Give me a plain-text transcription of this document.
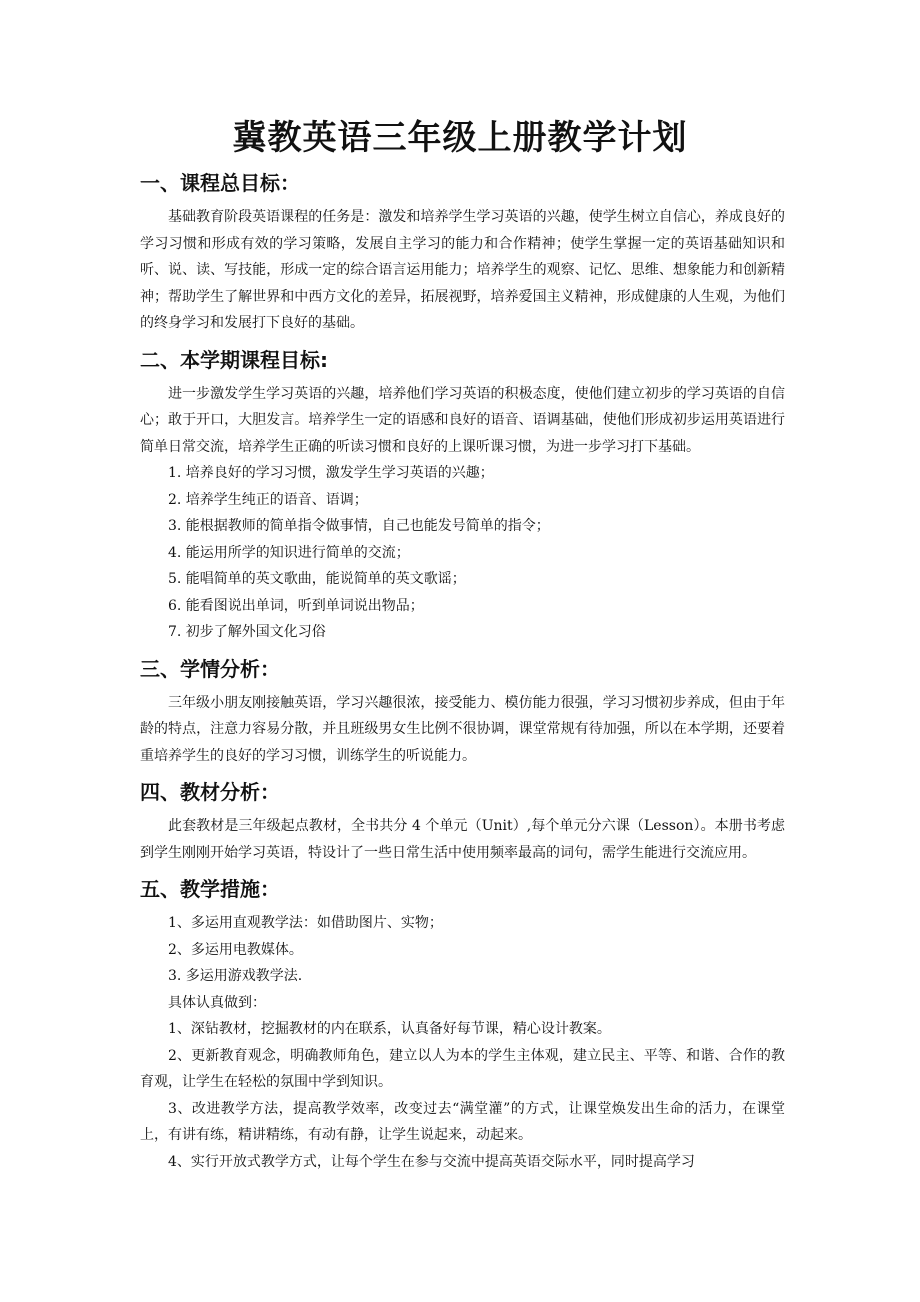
冀教英语三年级上册教学计划
一、课程总目标：

基础教育阶段英语课程的任务是：激发和培养学生学习英语的兴趣，使学生树立自信心，养成良好的学习习惯和形成有效的学习策略，发展自主学习的能力和合作精神；使学生掌握一定的英语基础知识和听、说、读、写技能，形成一定的综合语言运用能力；培养学生的观察、记忆、思维、想象能力和创新精神；帮助学生了解世界和中西方文化的差异，拓展视野，培养爱国主义精神，形成健康的人生观，为他们的终身学习和发展打下良好的基础。

二、本学期课程目标:

进一步激发学生学习英语的兴趣，培养他们学习英语的积极态度，使他们建立初步的学习英语的自信心；敢于开口，大胆发言。培养学生一定的语感和良好的语音、语调基础，使他们形成初步运用英语进行简单日常交流，培养学生正确的听读习惯和良好的上课听课习惯，为进一步学习打下基础。

1. 培养良好的学习习惯，激发学生学习英语的兴趣；

2. 培养学生纯正的语音、语调；

3. 能根据教师的简单指令做事情，自己也能发号简单的指令；

4. 能运用所学的知识进行简单的交流；

5. 能唱简单的英文歌曲，能说简单的英文歌谣；

6. 能看图说出单词，听到单词说出物品；

7. 初步了解外国文化习俗

三、学情分析：

三年级小朋友刚接触英语，学习兴趣很浓，接受能力、模仿能力很强，学习习惯初步养成，但由于年龄的特点，注意力容易分散，并且班级男女生比例不很协调，课堂常规有待加强，所以在本学期，还要着重培养学生的良好的学习习惯，训练学生的听说能力。

四、教材分析：

此套教材是三年级起点教材，全书共分 4 个单元（Unit）,每个单元分六课（Lesson）。本册书考虑到学生刚刚开始学习英语，特设计了一些日常生活中使用频率最高的词句，需学生能进行交流应用。

五、教学措施：

1、多运用直观教学法：如借助图片、实物；

2、多运用电教媒体。

3. 多运用游戏教学法.

具体认真做到：

1、深钻教材，挖掘教材的内在联系，认真备好每节课，精心设计教案。

2、更新教育观念，明确教师角色，建立以人为本的学生主体观，建立民主、平等、和谐、合作的教育观，让学生在轻松的氛围中学到知识。

3、改进教学方法，提高教学效率，改变过去“满堂灌”的方式，让课堂焕发出生命的活力，在课堂上，有讲有练，精讲精练，有动有静，让学生说起来，动起来。

4、实行开放式教学方式，让每个学生在参与交流中提高英语交际水平，同时提高学习
